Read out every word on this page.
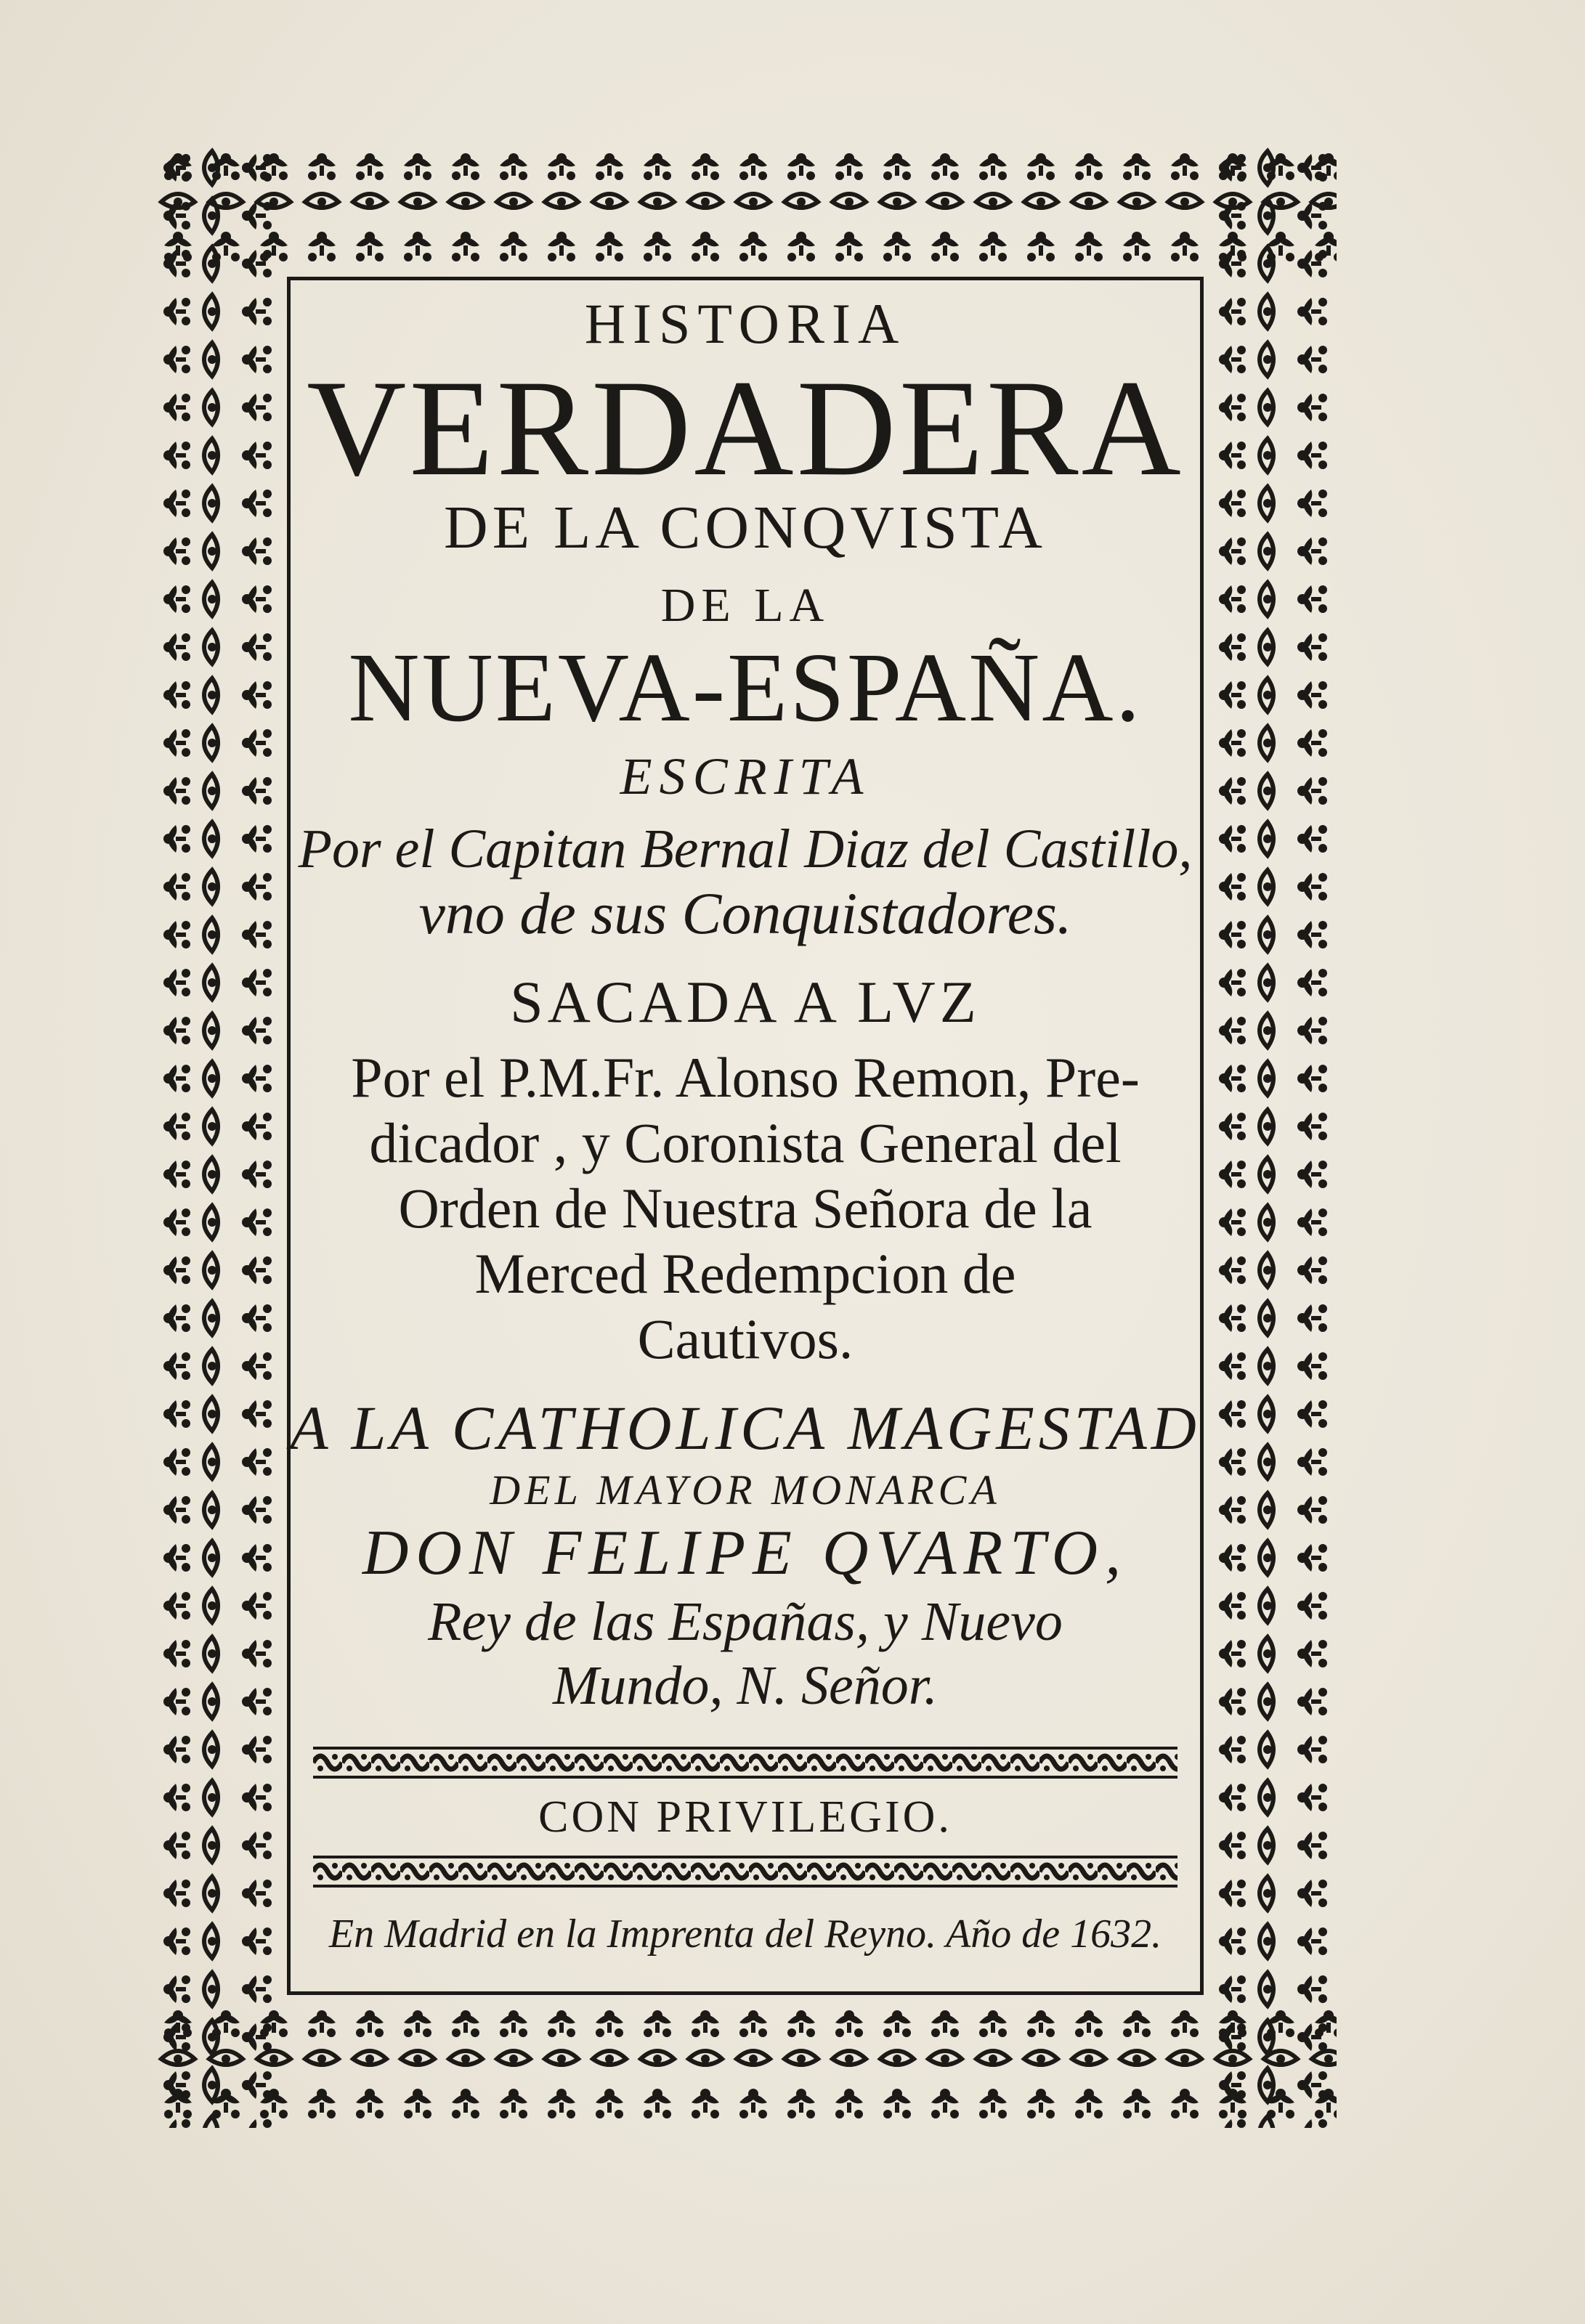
HISTORIA
VERDADERA
DE LA CONQVISTA
DE LA
NUEVA-ESPAÑA.
ESCRITA
Por el Capitan Bernal Diaz del Castillo,
vno de sus Conquistadores.
SACADA A LVZ
Por el P.M.Fr. Alonso Remon, Pre-
dicador , y Coronista General del
Orden de Nuestra Señora de la
Merced Redempcion de
Cautivos.
A LA CATHOLICA MAGESTAD
DEL MAYOR MONARCA
DON FELIPE QVARTO,
Rey de las Españas, y Nuevo
Mundo, N. Señor.
CON PRIVILEGIO.
En Madrid en la Imprenta del Reyno. Año de 1632.
